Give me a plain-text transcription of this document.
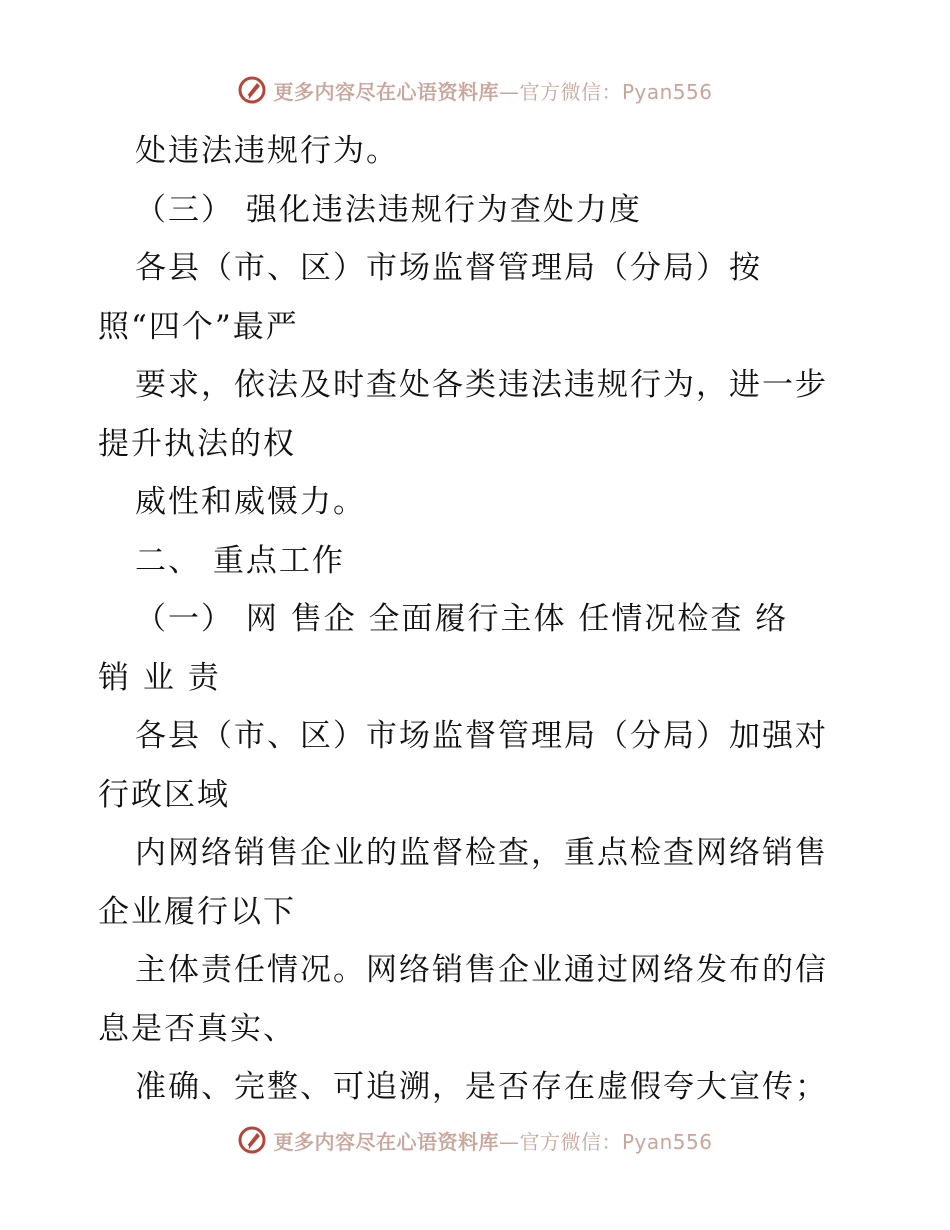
更多内容尽在心语资料库 —官方微信：Pyan556
处违法违规行为。
（三） 强化违法违规行为查处力度
各县（市、区）市场监督管理局（分局）按
照“四个”最严
要求，依法及时查处各类违法违规行为，进一步
提升执法的权
威性和威慑力。
二、 重点工作
（一） 网 售企 全面履行主体 任情况检查 络
销 业 责
各县（市、区）市场监督管理局（分局）加强对
行政区域
内网络销售企业的监督检查，重点检查网络销售
企业履行以下
主体责任情况。网络销售企业通过网络发布的信
息是否真实、
准确、完整、可追溯，是否存在虚假夸大宣传；
更多内容尽在心语资料库 —官方微信：Pyan556
